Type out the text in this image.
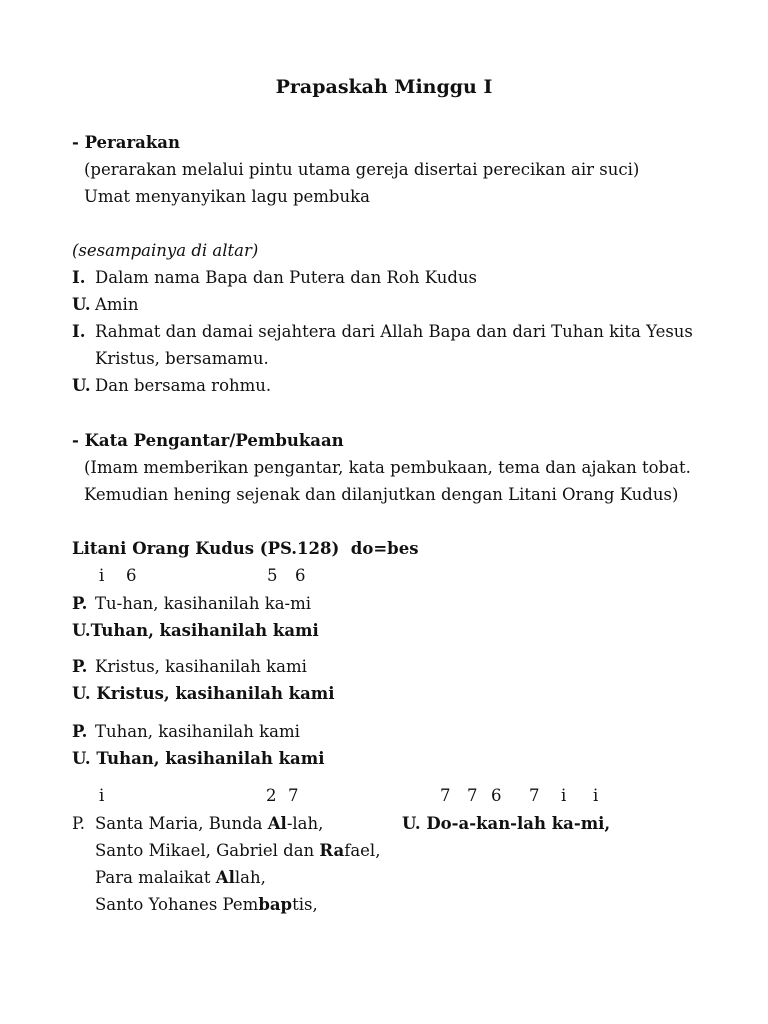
Prapaskah Minggu I
- Perarakan
(perarakan melalui pintu utama gereja disertai perecikan air suci)
Umat menyanyikan lagu pembuka
(sesampainya di altar)
I. Dalam nama Bapa dan Putera dan Roh Kudus
U. Amin
I. Rahmat dan damai sejahtera dari Allah Bapa dan dari Tuhan kita Yesus
Kristus, bersamamu.
U. Dan bersama rohmu.
- Kata Pengantar/Pembukaan
(Imam memberikan pengantar, kata pembukaan, tema dan ajakan tobat.
Kemudian hening sejenak dan dilanjutkan dengan Litani Orang Kudus)
Litani Orang Kudus (PS.128)  do=bes
i 6	5 6
P. Tu-han, kasihanilah ka-mi
U.Tuhan, kasihanilah kami
P. Kristus, kasihanilah kami
U. Kristus, kasihanilah kami
P. Tuhan, kasihanilah kami
U. Tuhan, kasihanilah kami
i	2 7	7 7 6 7 i i
P.	U. Do-a-kan-lah ka-mi,
Santa Maria, Bunda Al-lah,
Santo Mikael, Gabriel dan Rafael,
Para malaikat Allah,
Santo Yohanes Pembaptis,
